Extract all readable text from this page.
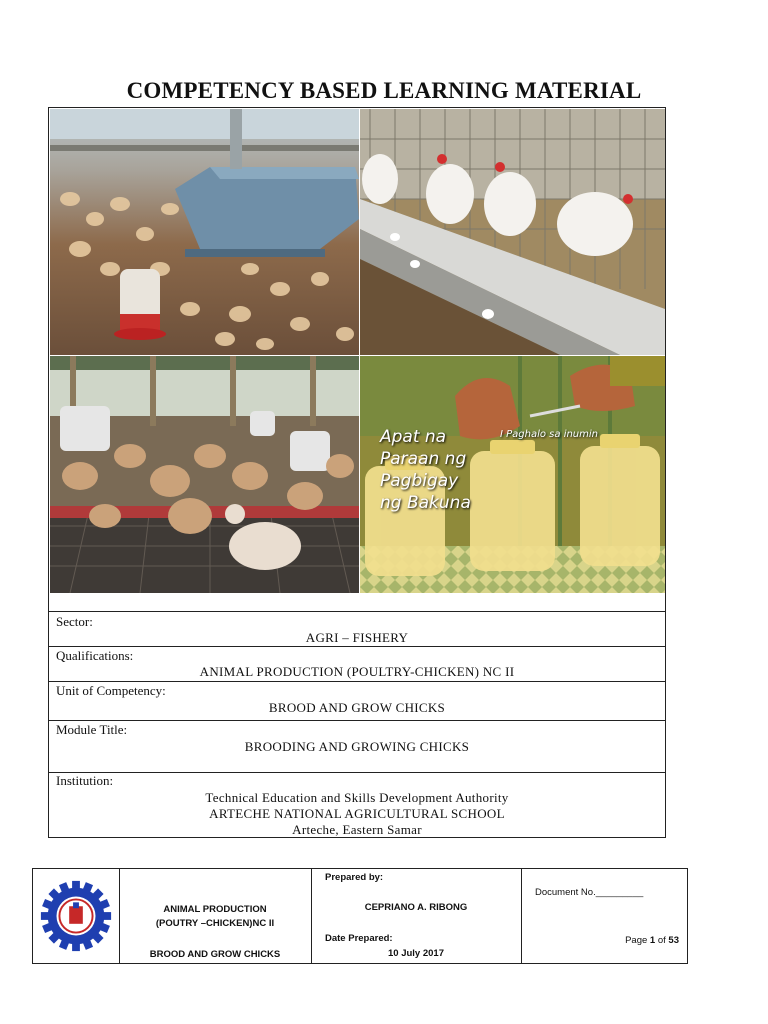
COMPETENCY BASED LEARNING MATERIAL
Apat na
Paraan ng
Pagbigay
ng Bakuna
I Paghalo sa inumin
Sector:
AGRI – FISHERY
Qualifications:
ANIMAL PRODUCTION (POULTRY-CHICKEN) NC II
Unit of Competency:
BROOD AND GROW CHICKS
Module Title:
BROODING AND GROWING CHICKS
Institution:
Technical Education and Skills Development Authority
ARTECHE NATIONAL AGRICULTURAL SCHOOL
Arteche, Eastern Samar
ANIMAL PRODUCTION
(POUTRY –CHICKEN)NC II
BROOD AND GROW CHICKS
Prepared by:
CEPRIANO A. RIBONG
Date Prepared:
10 July 2017
Document No._________
Page 1 of 53
